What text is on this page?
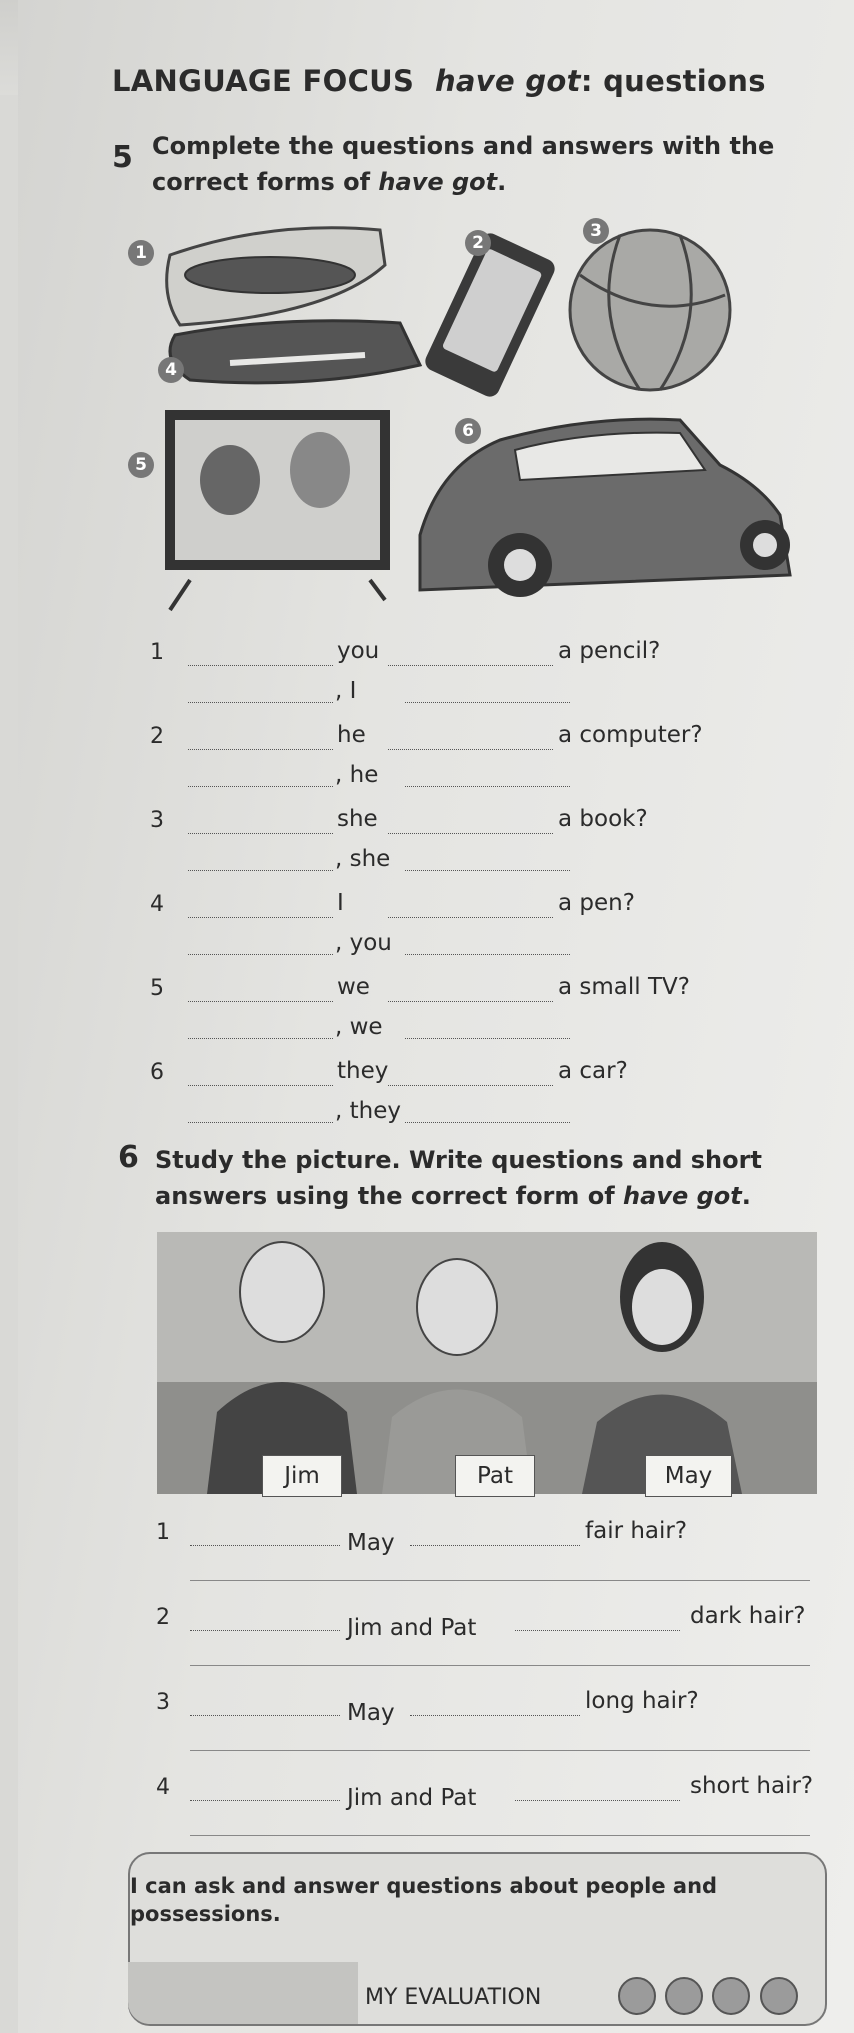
LANGUAGE FOCUS have got: questions
5 Complete the questions and answers with the
correct forms of have got.
1	2
3
4
5
6
1	you	a pencil?
, I
2	he	a computer?
, he
3	she	a book?
, she
4	I	a pen?
, you
5	we	a small TV?
, we
6	they	a car?
, they
6 Study the picture. Write questions and short
answers using the correct form of have got.
Jim	Pat	May
1	May	fair hair?
2	Jim and Pat	dark hair?
3	May	long hair?
4	Jim and Pat	short hair?
I can ask and answer questions about people and
possessions.
MY EVALUATION
